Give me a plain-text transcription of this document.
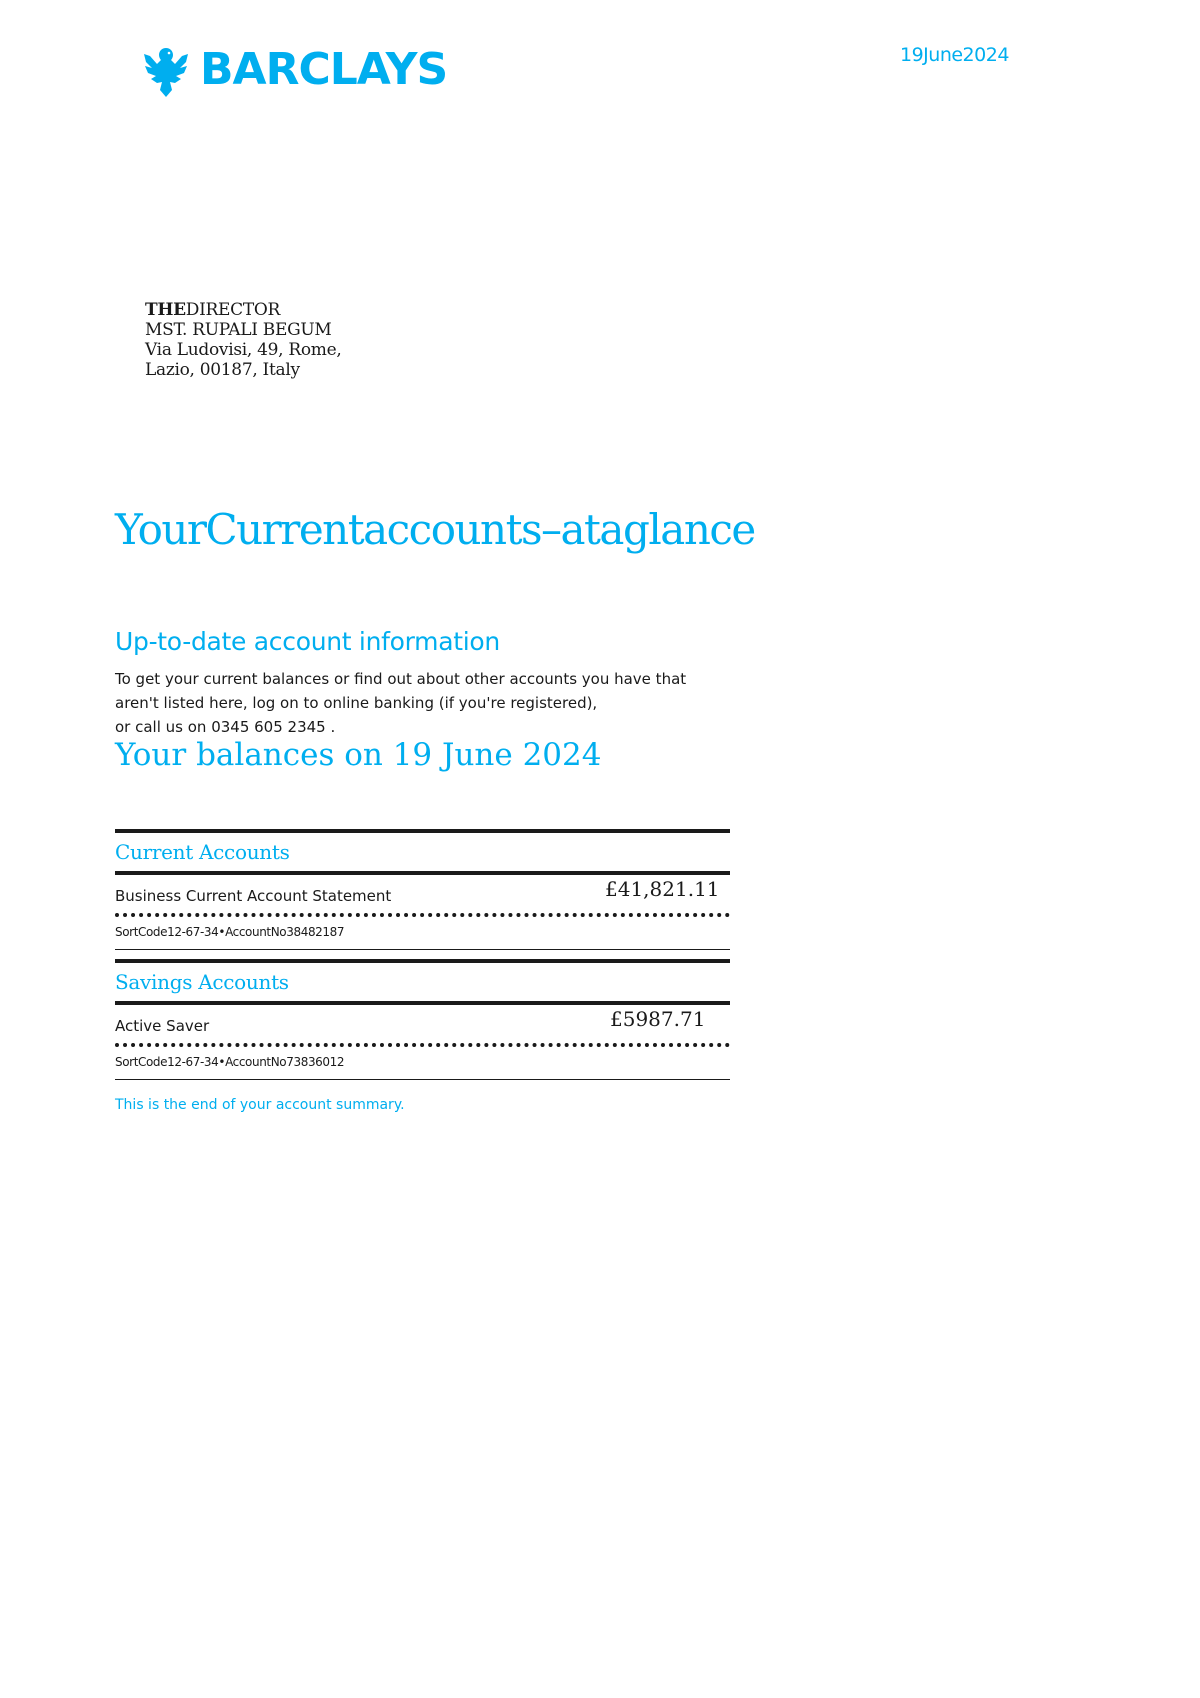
BARCLAYS	19June2024
THEDIRECTOR
MST. RUPALI BEGUM
Via Ludovisi, 49, Rome,
Lazio, 00187, Italy
YourCurrentaccounts–ataglance
Up-to-date account information
To get your current balances or find out about other accounts you have that
aren't listed here, log on to online banking (if you're registered),
or call us on 0345 605 2345 .
Your balances on 19 June 2024
Current Accounts
Business Current Account Statement	£41,821.11
SortCode12-67-34•AccountNo38482187
Savings Accounts
Active Saver	£5987.71
SortCode12-67-34•AccountNo73836012
This is the end of your account summary.
